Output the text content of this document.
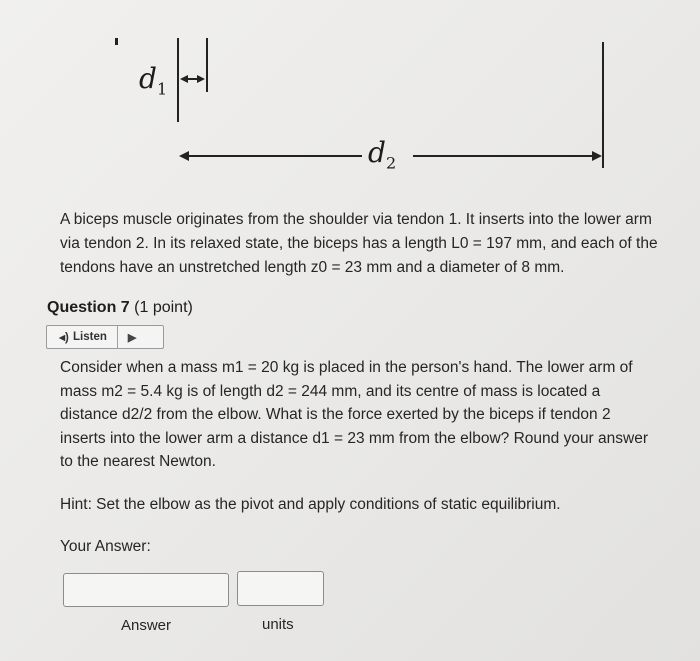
$d_1$
$d_2$
A biceps muscle originates from the shoulder via tendon 1. It inserts into the lower arm via tendon 2. In its relaxed state, the biceps has a length L0 = 197 mm, and each of the tendons have an unstretched length z0 = 23 mm and a diameter of 8 mm.
Question 7 (1 point)
◂) Listen ▶
Consider when a mass m1 = 20 kg is placed in the person's hand. The lower arm of mass m2 = 5.4 kg is of length d2 = 244 mm, and its centre of mass is located a distance d2/2 from the elbow. What is the force exerted by the biceps if tendon 2 inserts into the lower arm a distance d1 = 23 mm from the elbow? Round your answer to the nearest Newton.
Hint: Set the elbow as the pivot and apply conditions of static equilibrium.
Your Answer:
Answer	units
